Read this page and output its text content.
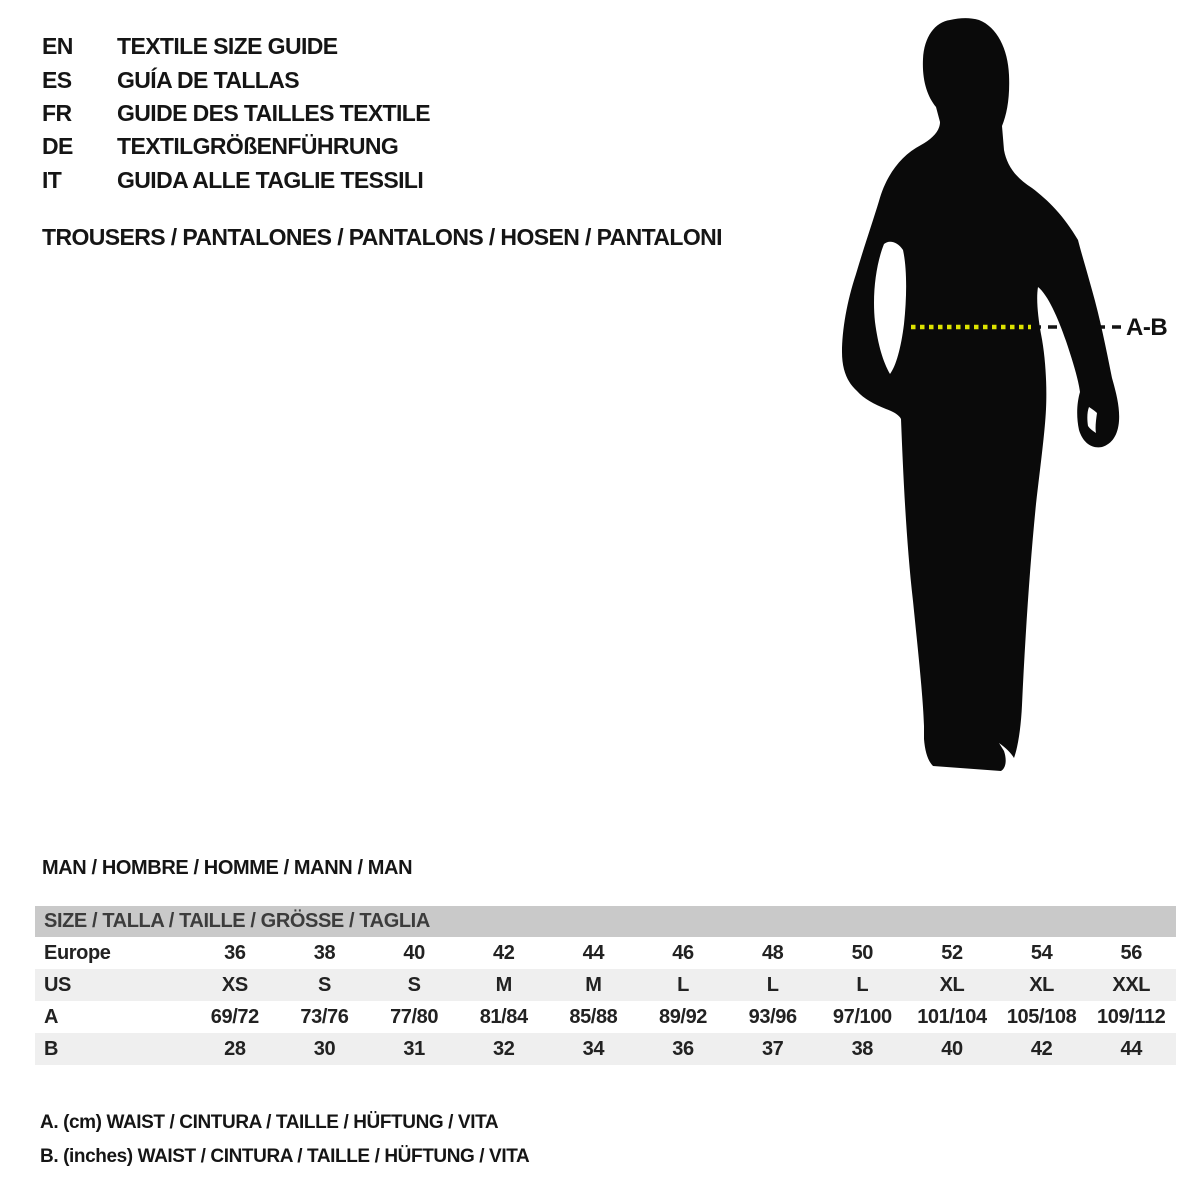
A-B
EN	TEXTILE SIZE GUIDE
ES	GUÍA DE TALLAS
FR	GUIDE DES TAILLES TEXTILE
DE	TEXTILGRÖßENFÜHRUNG
IT	GUIDA ALLE TAGLIE TESSILI
TROUSERS / PANTALONES / PANTALONS / HOSEN / PANTALONI
MAN / HOMBRE / HOMME / MANN / MAN
SIZE / TALLA / TAILLE / GRÖSSE / TAGLIA
Europe	36	38	40	42	44	46	48	50	52	54	56
US	XS	S	S	M	M	L	L	L	XL	XL	XXL
A	69/72	73/76	77/80	81/84	85/88	89/92	93/96	97/100	101/104	105/108	109/112
B	28	30	31	32	34	36	37	38	40	42	44
A. (cm) WAIST / CINTURA / TAILLE / HÜFTUNG / VITA
B. (inches) WAIST / CINTURA / TAILLE / HÜFTUNG / VITA
